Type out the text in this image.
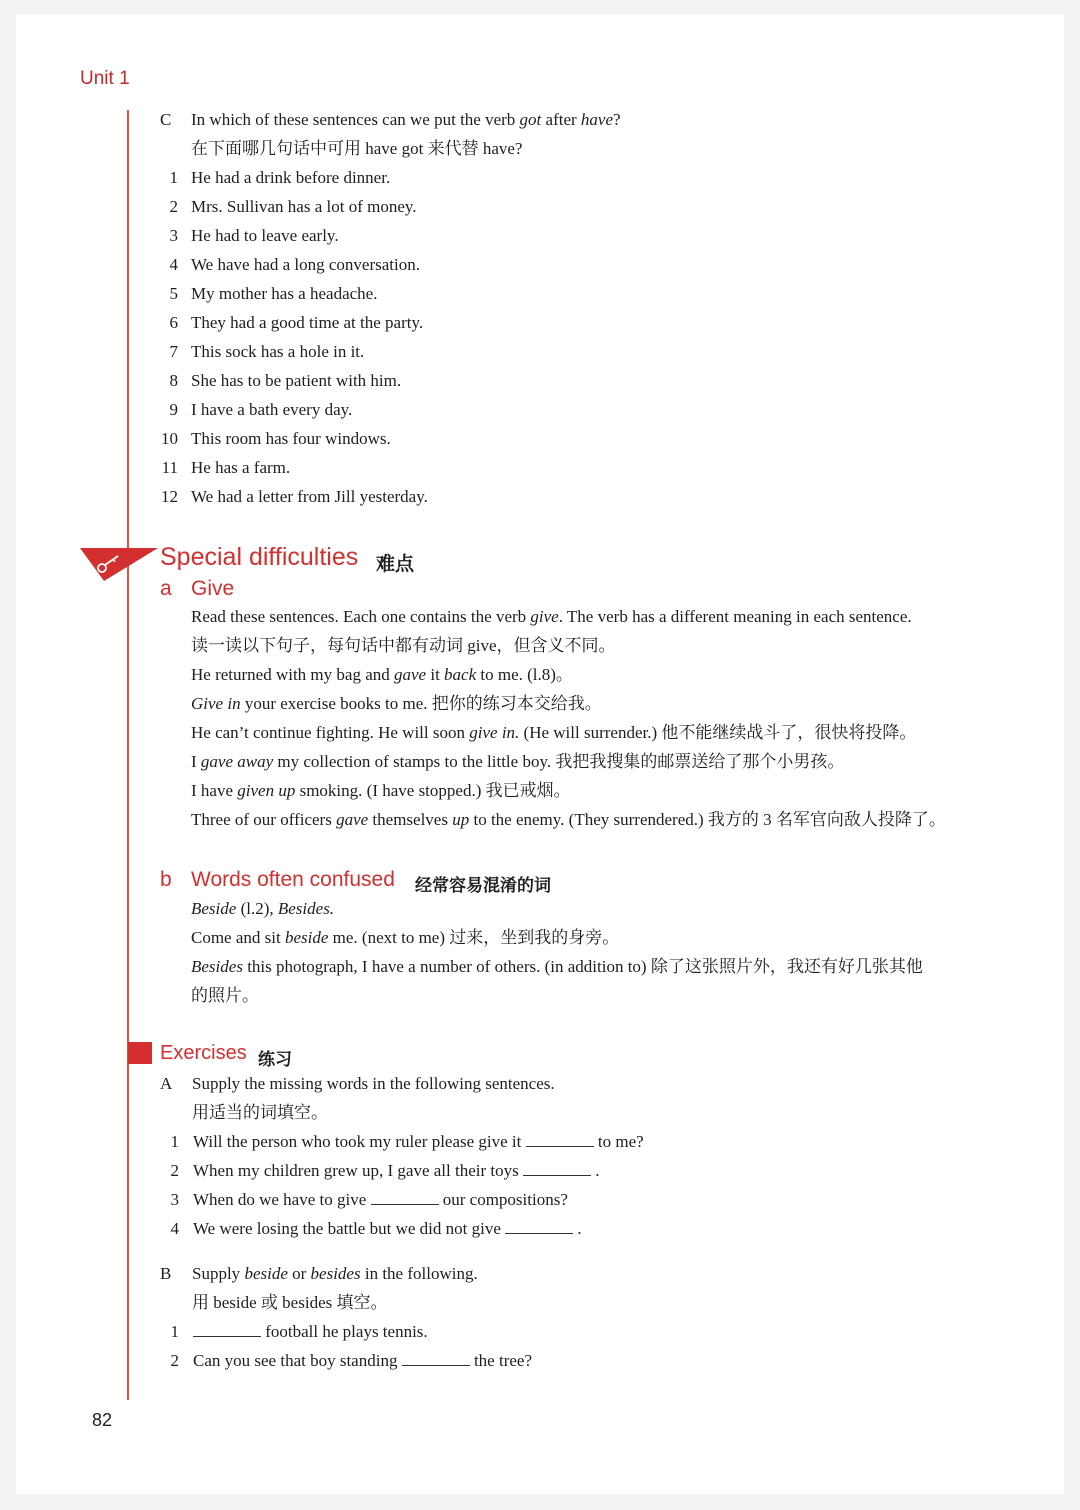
Unit 1
C In which of these sentences can we put the verb got after have?
在下面哪几句话中可用 have got 来代替 have?
1 He had a drink before dinner.
2 Mrs. Sullivan has a lot of money.
3 He had to leave early.
4 We have had a long conversation.
5 My mother has a headache.
6 They had a good time at the party.
7 This sock has a hole in it.
8 She has to be patient with him.
9 I have a bath every day.
10 This room has four windows.
11 He has a farm.
12 We had a letter from Jill yesterday.
Special difficulties 难点
a Give
Read these sentences. Each one contains the verb give. The verb has a different meaning in each sentence.
读一读以下句子，每句话中都有动词 give，但含义不同。
He returned with my bag and gave it back to me. (l.8)。
Give in your exercise books to me. 把你的练习本交给我。
He can’t continue fighting. He will soon give in. (He will surrender.) 他不能继续战斗了，很快将投降。
I gave away my collection of stamps to the little boy. 我把我搜集的邮票送给了那个小男孩。
I have given up smoking. (I have stopped.) 我已戒烟。
Three of our officers gave themselves up to the enemy. (They surrendered.) 我方的 3 名军官向敌人投降了。
b Words often confused 经常容易混淆的词
Beside (l.2), Besides.
Come and sit beside me. (next to me) 过来，坐到我的身旁。
Besides this photograph, I have a number of others. (in addition to) 除了这张照片外，我还有好几张其他
的照片。
Exercises 练习
A Supply the missing words in the following sentences.
用适当的词填空。
1 Will the person who took my ruler please give it	to me?
2 When my children grew up, I gave all their toys	.
3 When do we have to give	our compositions?
4 We were losing the battle but we did not give	.
B Supply beside or besides in the following.
用 beside 或 besides 填空。
1	football he plays tennis.
2 Can you see that boy standing	the tree?
82
